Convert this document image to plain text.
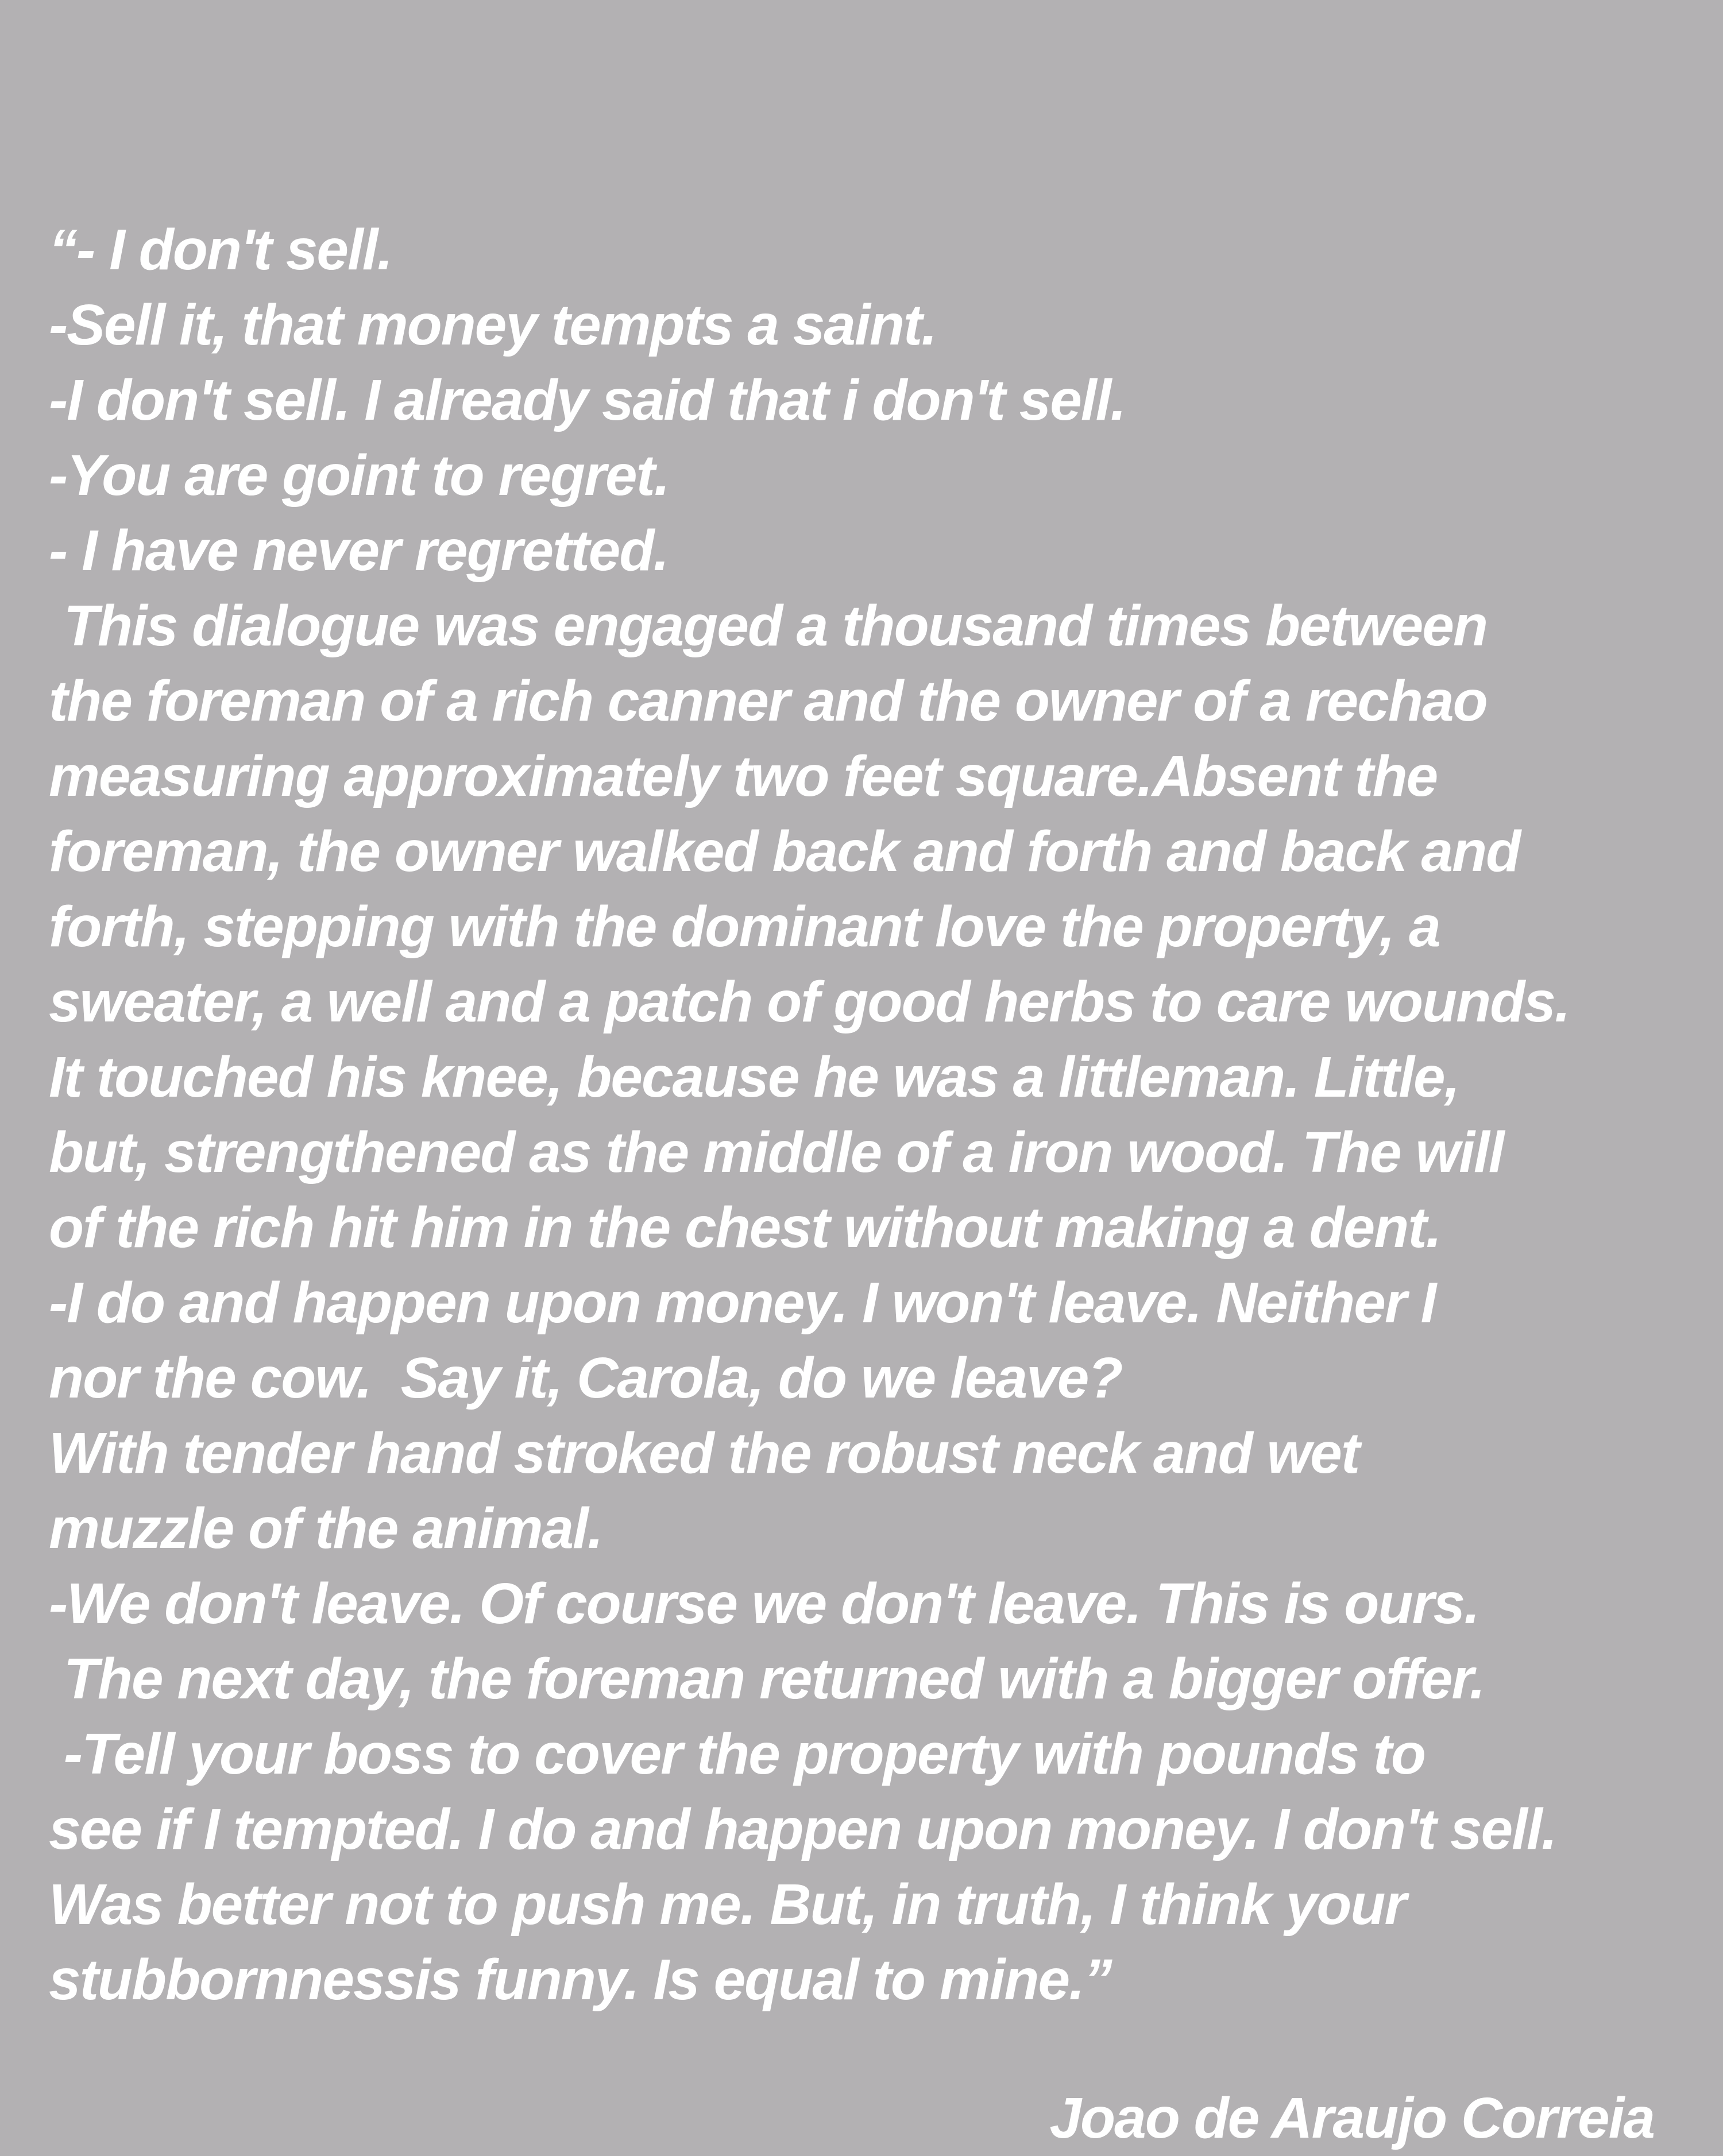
“- I don't sell.
-Sell it, that money tempts a saint.
-I don't sell. I already said that i don't sell.
-You are goint to regret.
- I have never regretted.
This dialogue was engaged a thousand times between
the foreman of a rich canner and the owner of a rechao
measuring approximately two feet square.Absent the
foreman, the owner walked back and forth and back and
forth, stepping with the dominant love the property, a
sweater, a well and a patch of good herbs to care wounds.
It touched his knee, because he was a littleman. Little,
but, strengthened as the middle of a iron wood. The will
of the rich hit him in the chest without making a dent.
-I do and happen upon money. I won't leave. Neither I
nor the cow.  Say it, Carola, do we leave?
With tender hand stroked the robust neck and wet
muzzle of the animal.
-We don't leave. Of course we don't leave. This is ours.
The next day, the foreman returned with a bigger offer.
-Tell your boss to cover the property with pounds to
see if I tempted. I do and happen upon money. I don't sell.
Was better not to push me. But, in truth, I think your
stubbornnessis funny. Is equal to mine.”
Joao de Araujo Correia
